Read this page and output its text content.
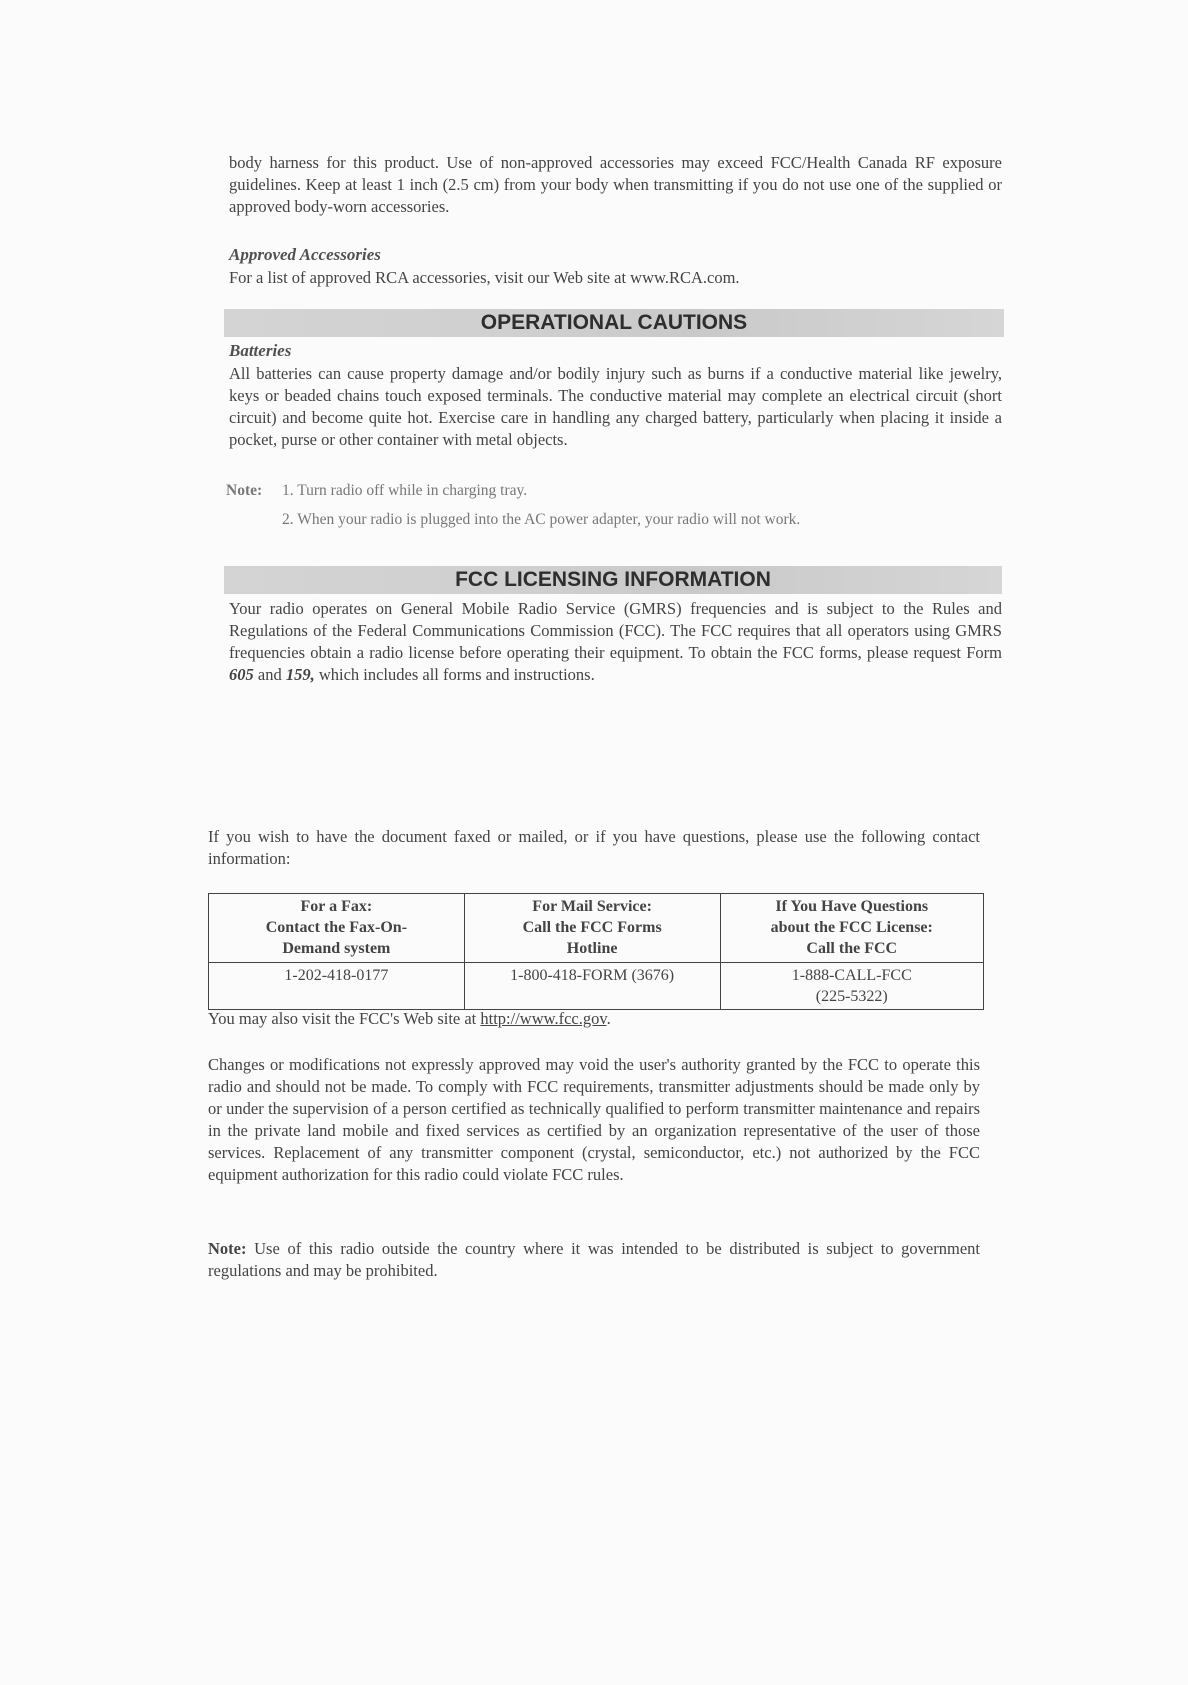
body harness for this product. Use of non-approved accessories may exceed FCC/Health Canada RF exposure guidelines. Keep at least 1 inch (2.5 cm) from your body when transmitting if you do not use one of the supplied or approved body-worn accessories.

Approved Accessories

For a list of approved RCA accessories, visit our Web site at www.RCA.com.

OPERATIONAL CAUTIONS

Batteries

All batteries can cause property damage and/or bodily injury such as burns if a conductive material like jewelry, keys or beaded chains touch exposed terminals. The conductive material may complete an electrical circuit (short circuit) and become quite hot. Exercise care in handling any charged battery, particularly when placing it inside a pocket, purse or other container with metal objects.

Note: 1. Turn radio off while in charging tray.

2. When your radio is plugged into the AC power adapter, your radio will not work.

FCC LICENSING INFORMATION

Your radio operates on General Mobile Radio Service (GMRS) frequencies and is subject to the Rules and Regulations of the Federal Communications Commission (FCC). The FCC requires that all operators using GMRS frequencies obtain a radio license before operating their equipment. To obtain the FCC forms, please request Form 605 and 159, which includes all forms and instructions.

If you wish to have the document faxed or mailed, or if you have questions, please use the following contact information:

For a Fax:
Contact the Fax-On-
Demand system	For Mail Service:
Call the FCC Forms
Hotline	If You Have Questions
about the FCC License:
Call the FCC
1-202-418-0177	1-800-418-FORM (3676)	1-888-CALL-FCC
(225-5322)

You may also visit the FCC's Web site at http://www.fcc.gov.

Changes or modifications not expressly approved may void the user's authority granted by the FCC to operate this radio and should not be made. To comply with FCC requirements, transmitter adjustments should be made only by or under the supervision of a person certified as technically qualified to perform transmitter maintenance and repairs in the private land mobile and fixed services as certified by an organization representative of the user of those services. Replacement of any transmitter component (crystal, semiconductor, etc.) not authorized by the FCC equipment authorization for this radio could violate FCC rules.

Note: Use of this radio outside the country where it was intended to be distributed is subject to government regulations and may be prohibited.
